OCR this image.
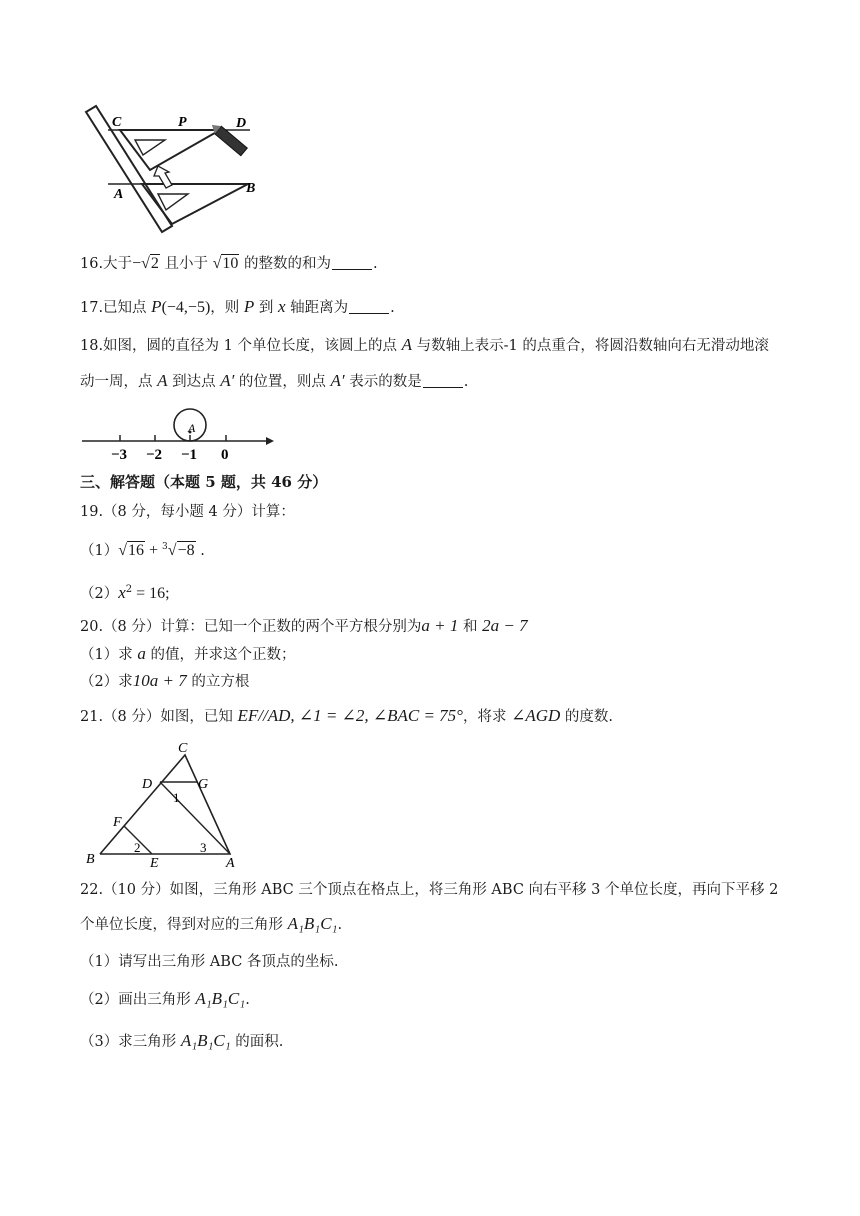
C	P	D
A	B
16.大于−√2 且小于 √10 的整数的和为	.
17.已知点 P(−4,−5)，则 P 到 x 轴距离为	.
18.如图，圆的直径为 1 个单位长度，该圆上的点 A 与数轴上表示-1 的点重合，将圆沿数轴向右无滑动地滚
动一周，点 A 到达点 A′ 的位置，则点 A′ 表示的数是	.
A
−3 −2 −1 0
三、解答题（本题 5 题，共 46 分）
19.（8 分，每小题 4 分）计算：
（1）√16 + $^3$√−8 .
$(2)x^2 = 16$;
20.（8 分）计算：已知一个正数的两个平方根分别为a + 1 和 2a − 7
（1）求 a 的值，并求这个正数；
（2）求10a + 7 的立方根
21.（8 分）如图，已知 EF//AD, ∠1 = ∠2, ∠BAC = 75°，将求 ∠AGD 的度数.
C
D	G
F
B	E	A
1
2	3
22.（10 分）如图，三角形 ABC 三个顶点在格点上，将三角形 ABC 向右平移 3 个单位长度，再向下平移 2
个单位长度，得到对应的三角形 A₁B₁C₁.
（1）请写出三角形 ABC 各顶点的坐标.
（2）画出三角形 A₁B₁C₁.
（3）求三角形 A₁B₁C₁ 的面积.
